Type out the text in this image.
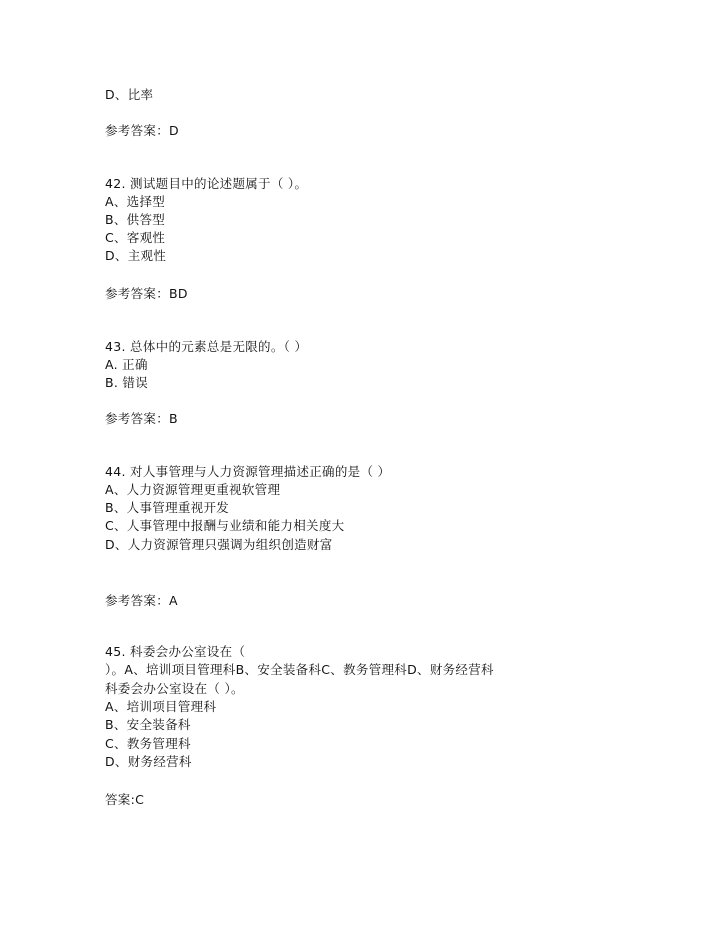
D、比率
参考答案：D
42. 测试题目中的论述题属于（ ）。
A、选择型
B、供答型
C、客观性
D、主观性
参考答案：BD
43. 总体中的元素总是无限的。（ ）
A. 正确
B. 错误
参考答案：B
44. 对人事管理与人力资源管理描述正确的是（ ）
A、人力资源管理更重视软管理
B、人事管理重视开发
C、人事管理中报酬与业绩和能力相关度大
D、人力资源管理只强调为组织创造财富
参考答案：A
45. 科委会办公室设在（
）。A、培训项目管理科B、安全装备科C、教务管理科D、财务经营科
科委会办公室设在（ ）。
A、培训项目管理科
B、安全装备科
C、教务管理科
D、财务经营科
答案:C
